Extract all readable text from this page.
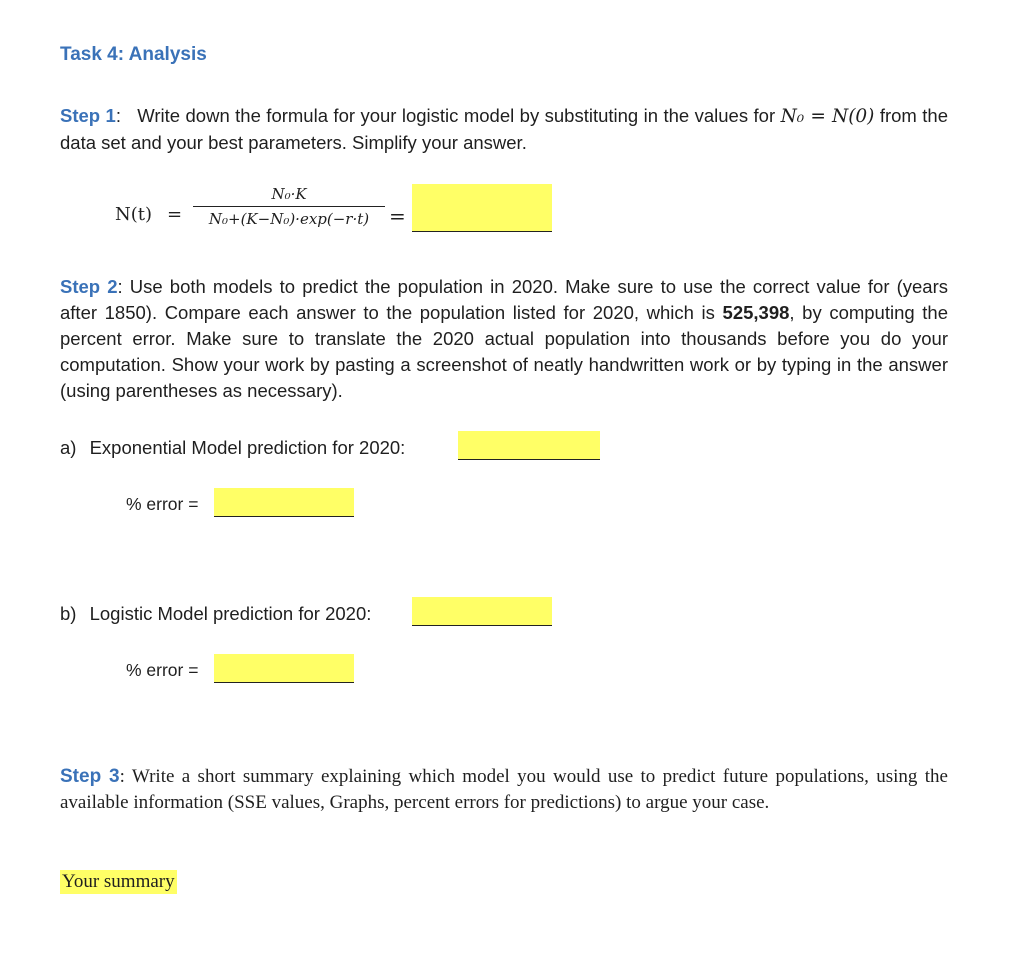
Task 4: Analysis
Step 1: Write down the formula for your logistic model by substituting in the values for N₀ = N(0) from the data set and your best parameters. Simplify your answer.
N(t) =
N₀·K
N₀+(K−N₀)·exp(−r·t) =
Step 2: Use both models to predict the population in 2020. Make sure to use the correct value for (years after 1850). Compare each answer to the population listed for 2020, which is 525,398, by computing the percent error. Make sure to translate the 2020 actual population into thousands before you do your computation. Show your work by pasting a screenshot of neatly handwritten work or by typing in the answer (using parentheses as necessary).
a) Exponential Model prediction for 2020:
% error =
b) Logistic Model prediction for 2020:
% error =
Step 3: Write a short summary explaining which model you would use to predict future populations, using the available information (SSE values, Graphs, percent errors for predictions) to argue your case.
Your summary
